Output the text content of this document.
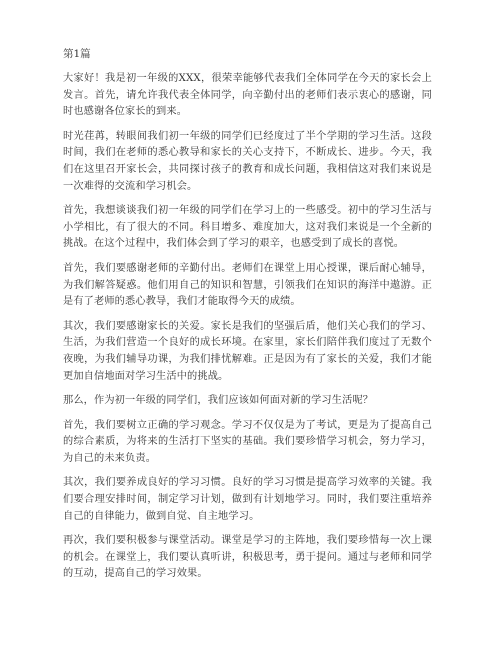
第1篇

大家好！我是初一年级的XXX，很荣幸能够代表我们全体同学在今天的家长会上发言。首先，请允许我代表全体同学，向辛勤付出的老师们表示衷心的感谢，同时也感谢各位家长的到来。

时光荏苒，转眼间我们初一年级的同学们已经度过了半个学期的学习生活。这段时间，我们在老师的悉心教导和家长的关心支持下，不断成长、进步。今天，我们在这里召开家长会，共同探讨孩子的教育和成长问题，我相信这对我们来说是一次难得的交流和学习机会。

首先，我想谈谈我们初一年级的同学们在学习上的一些感受。初中的学习生活与小学相比，有了很大的不同。科目增多、难度加大，这对我们来说是一个全新的挑战。在这个过程中，我们体会到了学习的艰辛，也感受到了成长的喜悦。

首先，我们要感谢老师的辛勤付出。老师们在课堂上用心授课，课后耐心辅导，为我们解答疑惑。他们用自己的知识和智慧，引领我们在知识的海洋中遨游。正是有了老师的悉心教导，我们才能取得今天的成绩。

其次，我们要感谢家长的关爱。家长是我们的坚强后盾，他们关心我们的学习、生活，为我们营造一个良好的成长环境。在家里，家长们陪伴我们度过了无数个夜晚，为我们辅导功课，为我们排忧解难。正是因为有了家长的关爱，我们才能更加自信地面对学习生活中的挑战。

那么，作为初一年级的同学们，我们应该如何面对新的学习生活呢？

首先，我们要树立正确的学习观念。学习不仅仅是为了考试，更是为了提高自己的综合素质，为将来的生活打下坚实的基础。我们要珍惜学习机会，努力学习，为自己的未来负责。

其次，我们要养成良好的学习习惯。良好的学习习惯是提高学习效率的关键。我们要合理安排时间，制定学习计划，做到有计划地学习。同时，我们要注重培养自己的自律能力，做到自觉、自主地学习。

再次，我们要积极参与课堂活动。课堂是学习的主阵地，我们要珍惜每一次上课的机会。在课堂上，我们要认真听讲，积极思考，勇于提问。通过与老师和同学的互动，提高自己的学习效果。
